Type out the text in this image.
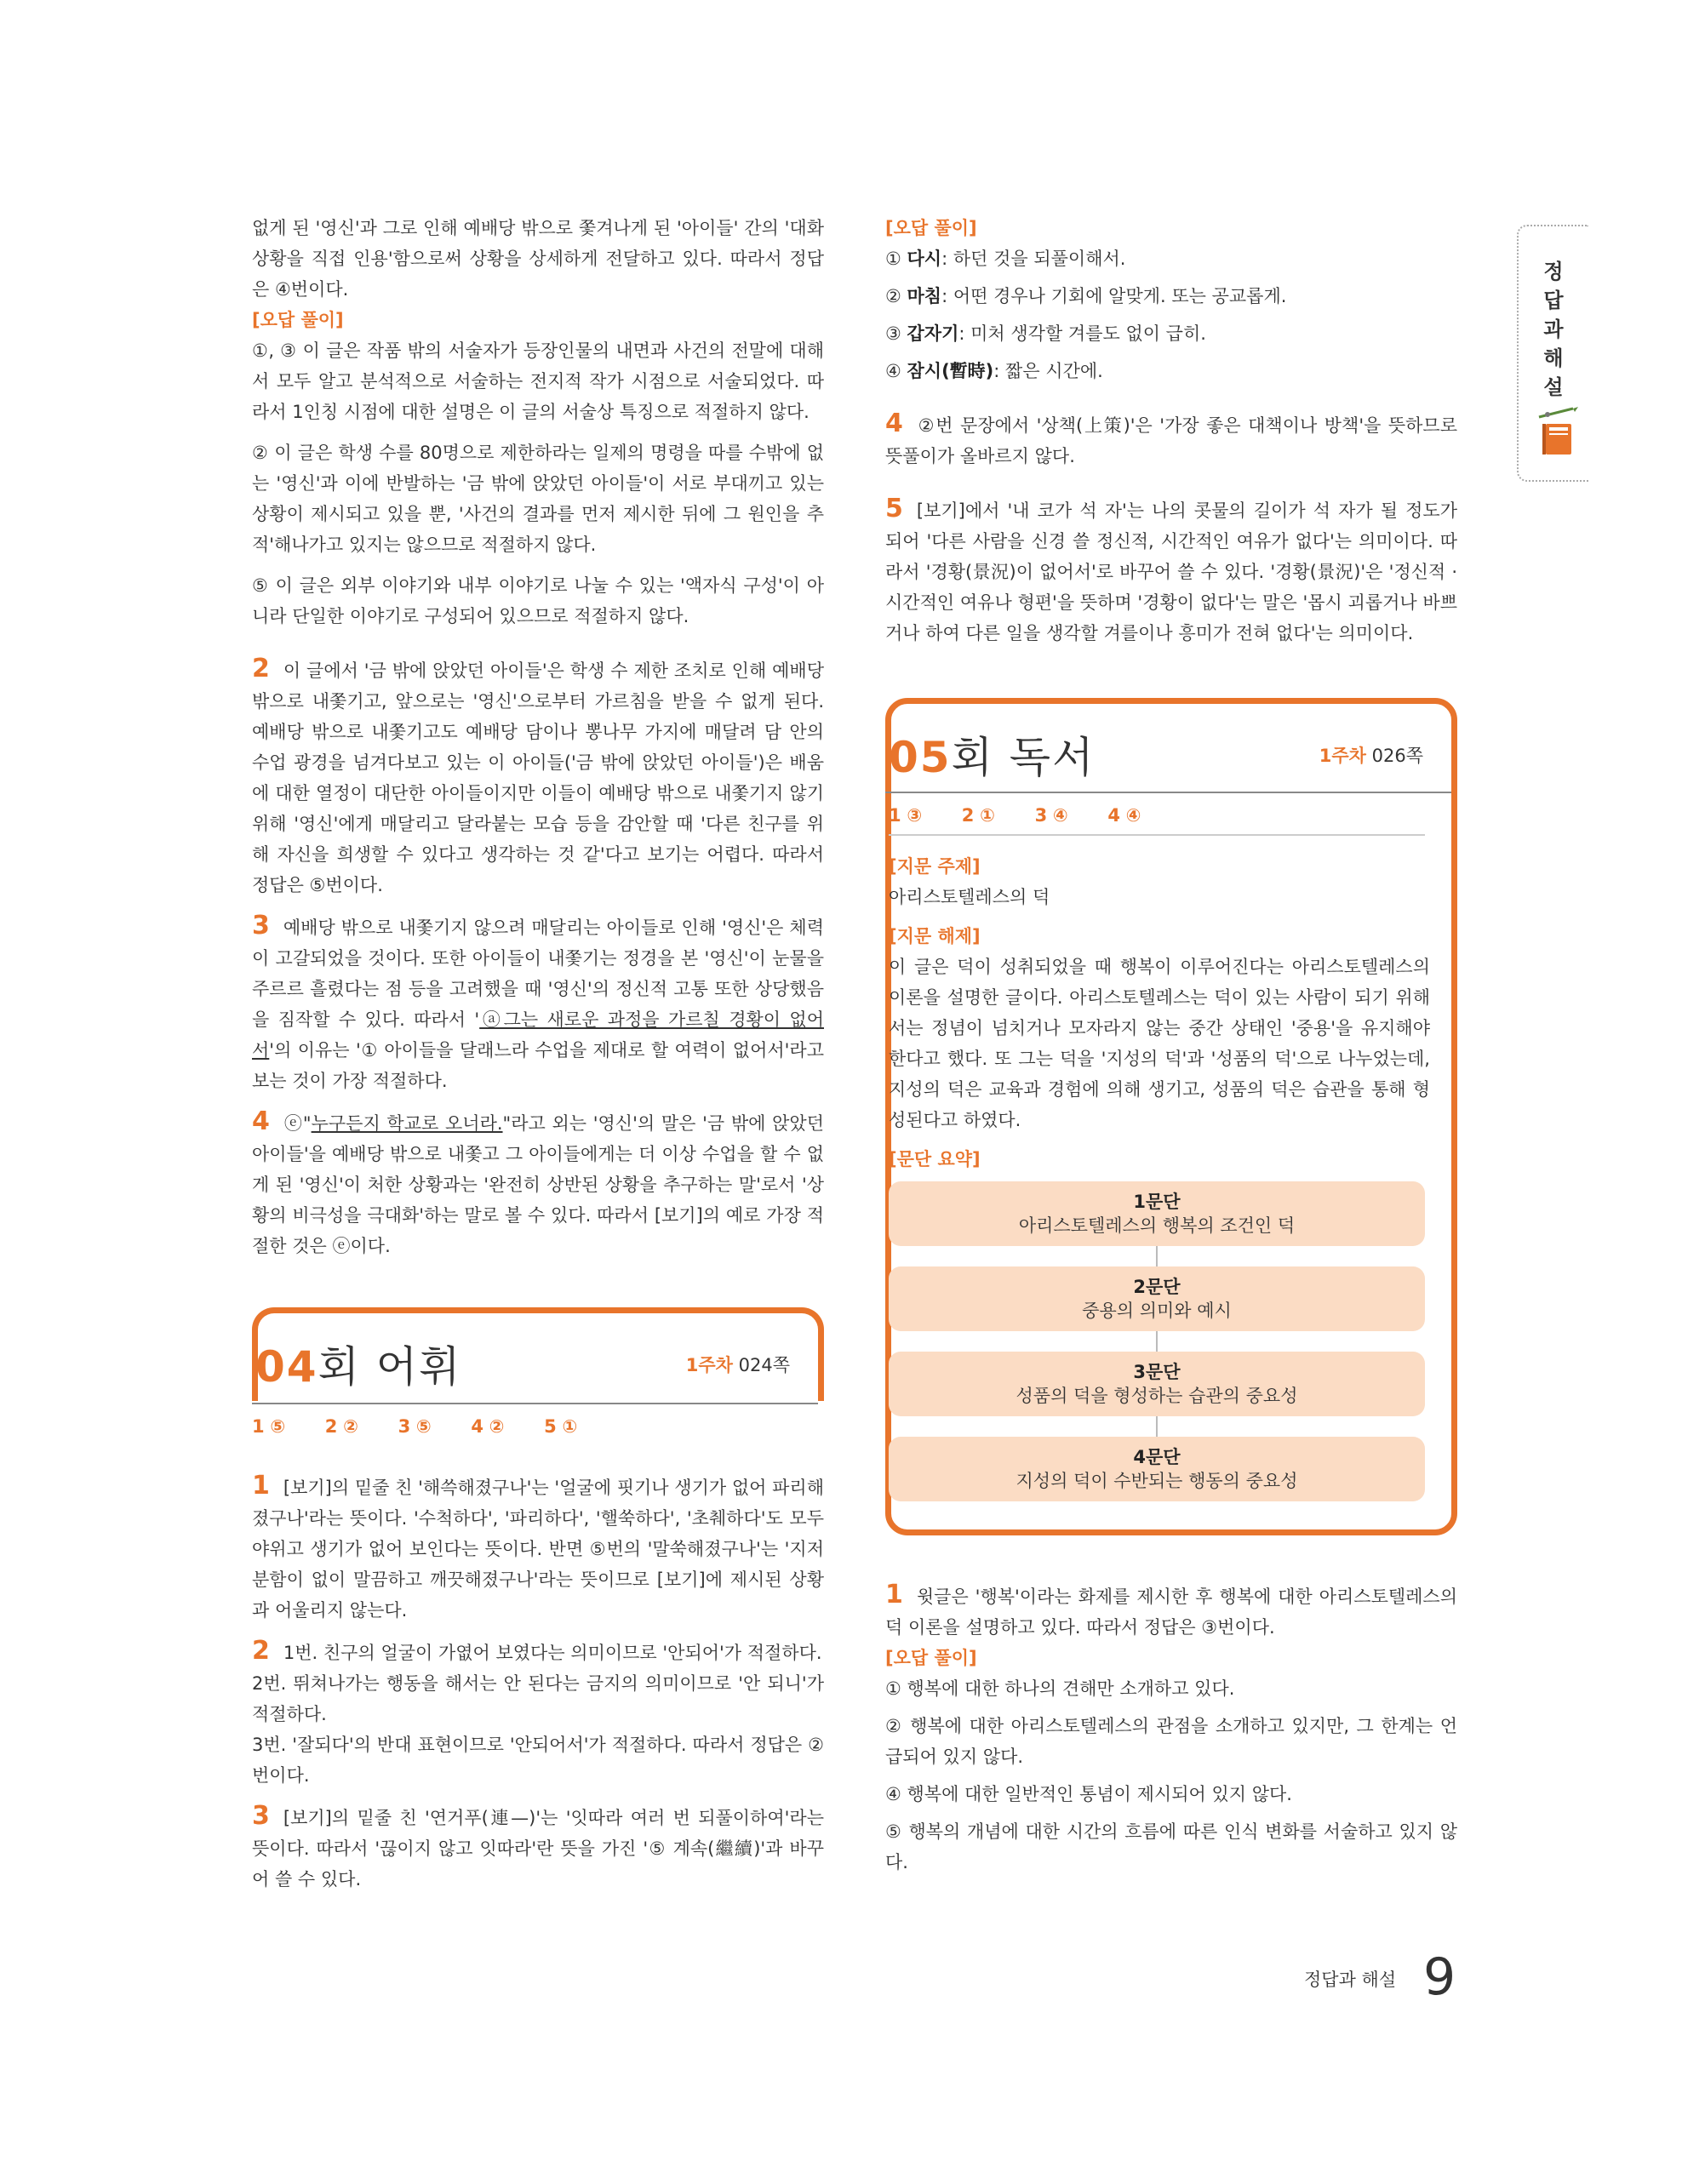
없게 된 '영신'과 그로 인해 예배당 밖으로 쫓겨나게 된 '아이들' 간의 '대화 상황을 직접 인용'함으로써 상황을 상세하게 전달하고 있다. 따라서 정답은 ④번이다.

[오답 풀이]

①, ③ 이 글은 작품 밖의 서술자가 등장인물의 내면과 사건의 전말에 대해서 모두 알고 분석적으로 서술하는 전지적 작가 시점으로 서술되었다. 따라서 1인칭 시점에 대한 설명은 이 글의 서술상 특징으로 적절하지 않다.

② 이 글은 학생 수를 80명으로 제한하라는 일제의 명령을 따를 수밖에 없는 '영신'과 이에 반발하는 '금 밖에 앉았던 아이들'이 서로 부대끼고 있는 상황이 제시되고 있을 뿐, '사건의 결과를 먼저 제시한 뒤에 그 원인을 추적'해나가고 있지는 않으므로 적절하지 않다.

⑤ 이 글은 외부 이야기와 내부 이야기로 나눌 수 있는 '액자식 구성'이 아니라 단일한 이야기로 구성되어 있으므로 적절하지 않다.

2 이 글에서 '금 밖에 앉았던 아이들'은 학생 수 제한 조치로 인해 예배당 밖으로 내쫓기고, 앞으로는 '영신'으로부터 가르침을 받을 수 없게 된다. 예배당 밖으로 내쫓기고도 예배당 담이나 뽕나무 가지에 매달려 담 안의 수업 광경을 넘겨다보고 있는 이 아이들('금 밖에 앉았던 아이들')은 배움에 대한 열정이 대단한 아이들이지만 이들이 예배당 밖으로 내쫓기지 않기 위해 '영신'에게 매달리고 달라붙는 모습 등을 감안할 때 '다른 친구를 위해 자신을 희생할 수 있다고 생각하는 것 같'다고 보기는 어렵다. 따라서 정답은 ⑤번이다.

3 예배당 밖으로 내쫓기지 않으려 매달리는 아이들로 인해 '영신'은 체력이 고갈되었을 것이다. 또한 아이들이 내쫓기는 정경을 본 '영신'이 눈물을 주르르 흘렸다는 점 등을 고려했을 때 '영신'의 정신적 고통 또한 상당했음을 짐작할 수 있다. 따라서 'ⓐ그는 새로운 과정을 가르칠 경황이 없어서'의 이유는 '① 아이들을 달래느라 수업을 제대로 할 여력이 없어서'라고 보는 것이 가장 적절하다.

4 ⓔ"누구든지 학교로 오너라."라고 외는 '영신'의 말은 '금 밖에 앉았던 아이들'을 예배당 밖으로 내쫓고 그 아이들에게는 더 이상 수업을 할 수 없게 된 '영신'이 처한 상황과는 '완전히 상반된 상황을 추구하는 말'로서 '상황의 비극성을 극대화'하는 말로 볼 수 있다. 따라서 [보기]의 예로 가장 적절한 것은 ⓔ이다.

04회 어휘	1주차 024쪽
1 ⑤ 2 ② 3 ⑤ 4 ② 5 ①

1 [보기]의 밑줄 친 '해쓱해졌구나'는 '얼굴에 핏기나 생기가 없어 파리해졌구나'라는 뜻이다. '수척하다', '파리하다', '핼쑥하다', '초췌하다'도 모두 야위고 생기가 없어 보인다는 뜻이다. 반면 ⑤번의 '말쑥해졌구나'는 '지저분함이 없이 말끔하고 깨끗해졌구나'라는 뜻이므로 [보기]에 제시된 상황과 어울리지 않는다.

2 1번. 친구의 얼굴이 가엾어 보였다는 의미이므로 '안되어'가 적절하다.

2번. 뛰쳐나가는 행동을 해서는 안 된다는 금지의 의미이므로 '안 되니'가 적절하다.

3번. '잘되다'의 반대 표현이므로 '안되어서'가 적절하다. 따라서 정답은 ②번이다.

3 [보기]의 밑줄 친 '연거푸(連—)'는 '잇따라 여러 번 되풀이하여'라는 뜻이다. 따라서 '끊이지 않고 잇따라'란 뜻을 가진 '⑤ 계속(繼續)'과 바꾸어 쓸 수 있다.

[오답 풀이]

① 다시: 하던 것을 되풀이해서.

② 마침: 어떤 경우나 기회에 알맞게. 또는 공교롭게.

③ 갑자기: 미처 생각할 겨를도 없이 급히.

④ 잠시(暫時): 짧은 시간에.

4 ②번 문장에서 '상책(上策)'은 '가장 좋은 대책이나 방책'을 뜻하므로 뜻풀이가 올바르지 않다.

5 [보기]에서 '내 코가 석 자'는 나의 콧물의 길이가 석 자가 될 정도가 되어 '다른 사람을 신경 쓸 정신적, 시간적인 여유가 없다'는 의미이다. 따라서 '경황(景況)이 없어서'로 바꾸어 쓸 수 있다. '경황(景況)'은 '정신적 · 시간적인 여유나 형편'을 뜻하며 '경황이 없다'는 말은 '몹시 괴롭거나 바쁘거나 하여 다른 일을 생각할 겨를이나 흥미가 전혀 없다'는 의미이다.

05회 독서	1주차 026쪽
1 ③ 2 ① 3 ④ 4 ④

[지문 주제]

아리스토텔레스의 덕

[지문 해제]

이 글은 덕이 성취되었을 때 행복이 이루어진다는 아리스토텔레스의 이론을 설명한 글이다. 아리스토텔레스는 덕이 있는 사람이 되기 위해서는 정념이 넘치거나 모자라지 않는 중간 상태인 '중용'을 유지해야 한다고 했다. 또 그는 덕을 '지성의 덕'과 '성품의 덕'으로 나누었는데, 지성의 덕은 교육과 경험에 의해 생기고, 성품의 덕은 습관을 통해 형성된다고 하였다.

[문단 요약]

1문단
아리스토텔레스의 행복의 조건인 덕
2문단
중용의 의미와 예시
3문단
성품의 덕을 형성하는 습관의 중요성
4문단
지성의 덕이 수반되는 행동의 중요성

1 윗글은 '행복'이라는 화제를 제시한 후 행복에 대한 아리스토텔레스의 덕 이론을 설명하고 있다. 따라서 정답은 ③번이다.

[오답 풀이]

① 행복에 대한 하나의 견해만 소개하고 있다.

② 행복에 대한 아리스토텔레스의 관점을 소개하고 있지만, 그 한계는 언급되어 있지 않다.

④ 행복에 대한 일반적인 통념이 제시되어 있지 않다.

⑤ 행복의 개념에 대한 시간의 흐름에 따른 인식 변화를 서술하고 있지 않다.

정
답
과
해
설
정답과 해설 9
